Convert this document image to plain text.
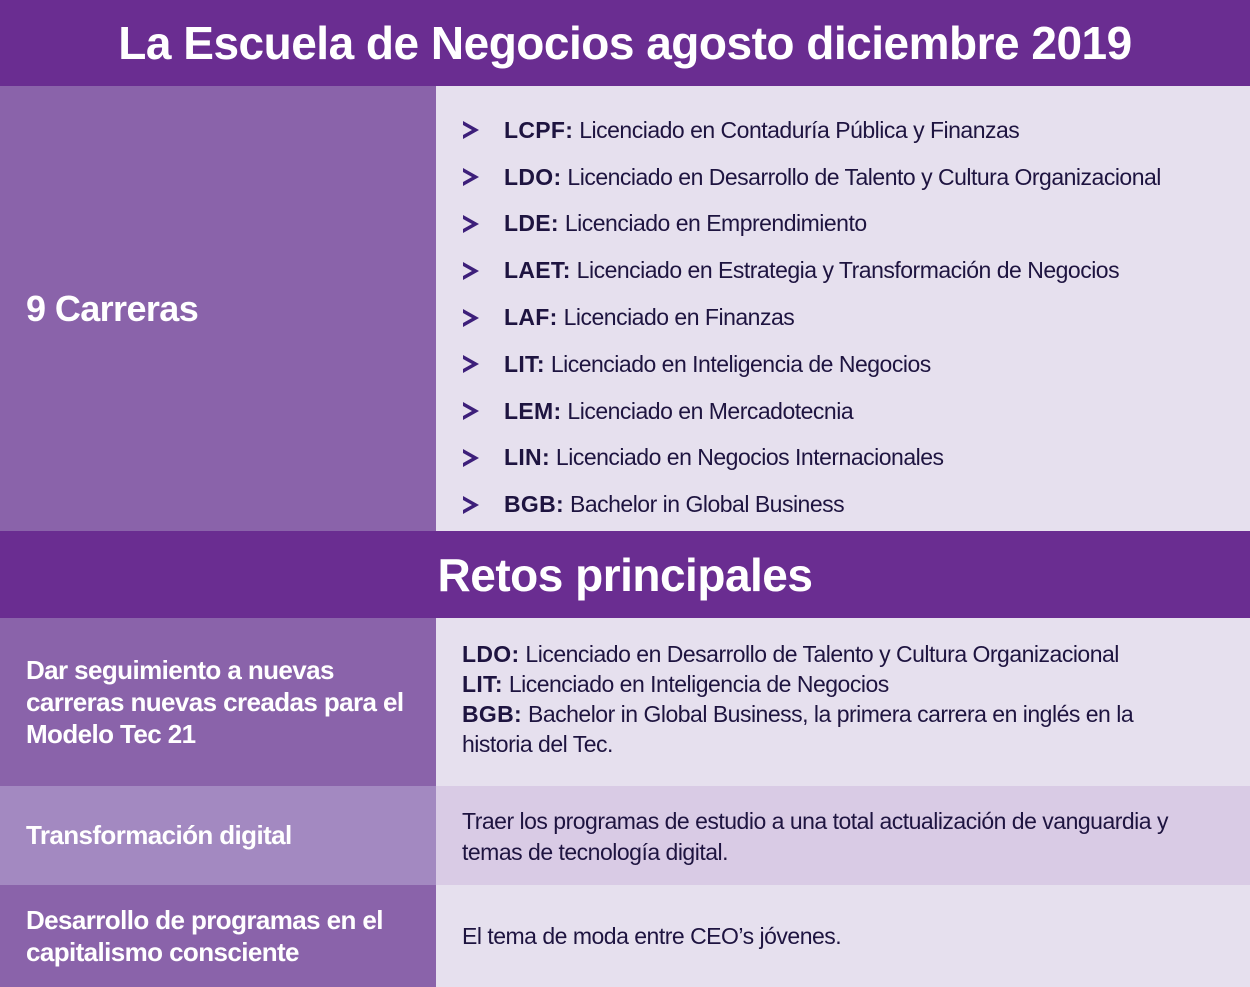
La Escuela de Negocios agosto diciembre 2019
9 Carreras
LCPF: Licenciado en Contaduría Pública y Finanzas
LDO: Licenciado en Desarrollo de Talento y Cultura Organizacional
LDE: Licenciado en Emprendimiento
LAET: Licenciado en Estrategia y Transformación de Negocios
LAF: Licenciado en Finanzas
LIT: Licenciado en Inteligencia de Negocios
LEM: Licenciado en Mercadotecnia
LIN: Licenciado en Negocios Internacionales
BGB: Bachelor in Global Business
Retos principales
Dar seguimiento a nuevas carreras nuevas creadas para el Modelo Tec 21
LDO: Licenciado en Desarrollo de Talento y Cultura Organizacional
LIT: Licenciado en Inteligencia de Negocios
BGB: Bachelor in Global Business, la primera carrera en inglés en la historia del Tec.
Transformación digital	Traer los programas de estudio a una total actualización de vanguardia y temas de tecnología digital.
Desarrollo de programas en el capitalismo consciente
El tema de moda entre CEO’s jóvenes.
